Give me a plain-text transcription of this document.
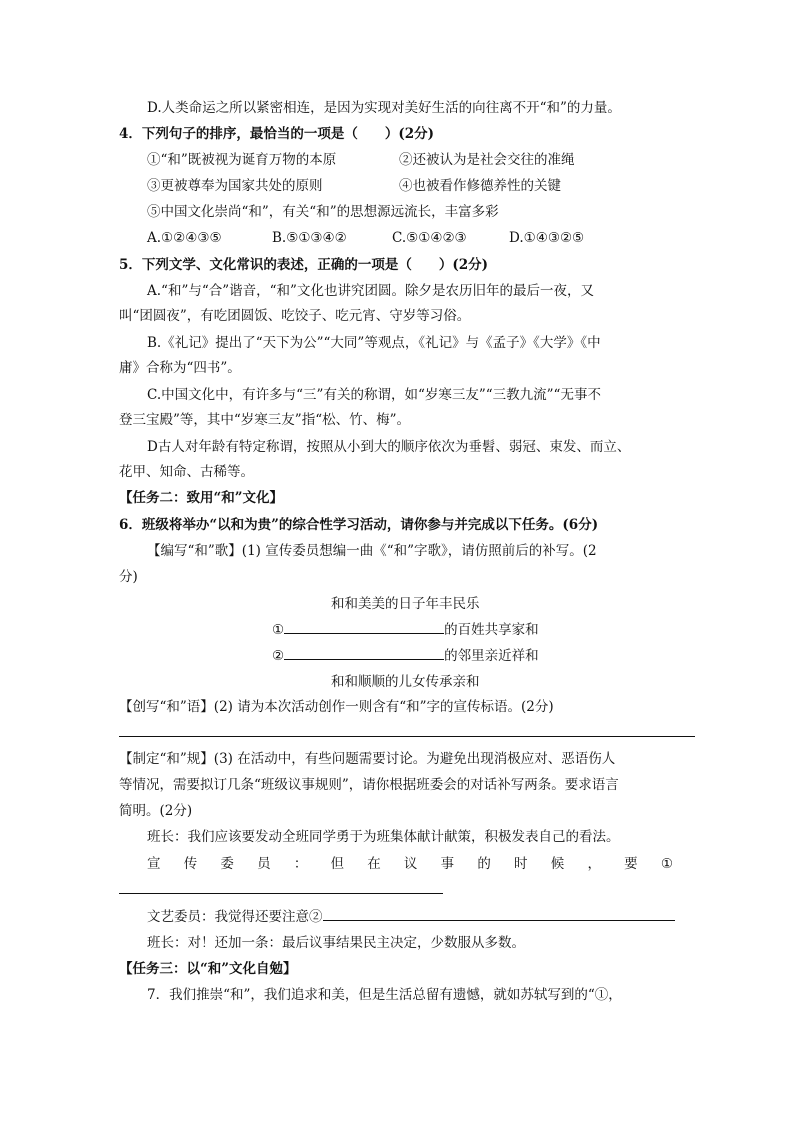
D.人类命运之所以紧密相连，是因为实现对美好生活的向往离不开“和”的力量。
4．下列句子的排序，最恰当的一项是（　　）(2分)
①“和”既被视为诞育万物的本原	②还被认为是社会交往的准绳
③更被尊奉为国家共处的原则	④也被看作修德养性的关键
⑤中国文化崇尚“和”，有关“和”的思想源远流长，丰富多彩
A.①②④③⑤	B.⑤①③④②	C.⑤①④②③	D.①④③②⑤
5．下列文学、文化常识的表述，正确的一项是（　　）(2分)
A.“和”与“合”谐音，“和”文化也讲究团圆。除夕是农历旧年的最后一夜，又
叫“团圆夜”，有吃团圆饭、吃饺子、吃元宵、守岁等习俗。
B.《礼记》提出了“天下为公”“大同”等观点，《礼记》与《孟子》《大学》《中
庸》合称为“四书”。
C.中国文化中，有许多与“三”有关的称谓，如“岁寒三友”“三教九流”“无事不
登三宝殿”等，其中“岁寒三友”指“松、竹、梅”。
D古人对年龄有特定称谓，按照从小到大的顺序依次为垂髫、弱冠、束发、而立、
花甲、知命、古稀等。
【任务二：致用“和”文化】
6．班级将举办“以和为贵”的综合性学习活动，请你参与并完成以下任务。(6分)
【编写“和”歌】(1) 宣传委员想编一曲《“和”字歌》，请仿照前后的补写。(2
分)
和和美美的日子年丰民乐
①	的百姓共享家和
②	的邻里亲近祥和
和和顺顺的儿女传承亲和
【创写“和”语】(2) 请为本次活动创作一则含有“和”字的宣传标语。(2分)
【制定“和”规】(3) 在活动中，有些问题需要讨论。为避免出现消极应对、恶语伤人
等情况，需要拟订几条“班级议事规则”，请你根据班委会的对话补写两条。要求语言
简明。(2分)
班长：我们应该要发动全班同学勇于为班集体献计献策，积极发表自己的看法。
宣 传 委 员 ： 但 在 议 事 的 时 候 ， 要 ①
文艺委员：我觉得还要注意②
班长：对！还加一条：最后议事结果民主决定，少数服从多数。
【任务三：以“和”文化自勉】
7．我们推崇“和”，我们追求和美，但是生活总留有遗憾，就如苏轼写到的“①，
